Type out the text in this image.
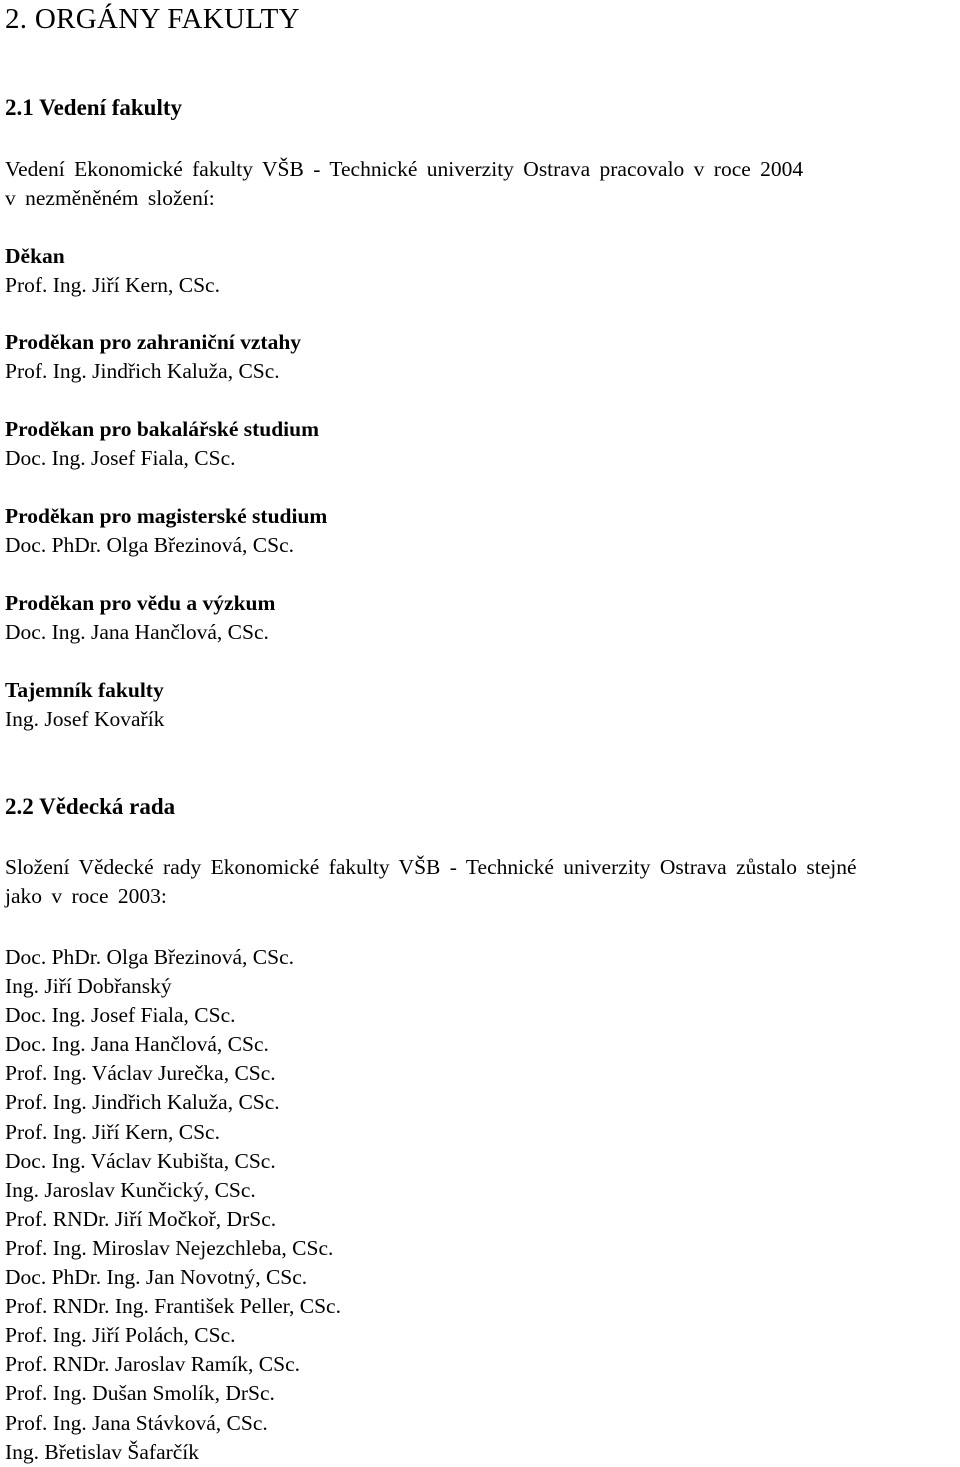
2. ORGÁNY FAKULTY
2.1 Vedení fakulty

Vedení Ekonomické fakulty VŠB - Technické univerzity Ostrava pracovalo v roce 2004

v nezměněném složení:

Děkan
Prof. Ing. Jiří Kern, CSc.
Proděkan pro zahraniční vztahy
Prof. Ing. Jindřich Kaluža, CSc.
Proděkan pro bakalářské studium
Doc. Ing. Josef Fiala, CSc.
Proděkan pro magisterské studium
Doc. PhDr. Olga Březinová, CSc.
Proděkan pro vědu a výzkum
Doc. Ing. Jana Hančlová, CSc.
Tajemník fakulty
Ing. Josef Kovařík
2.2 Vědecká rada

Složení Vědecké rady Ekonomické fakulty VŠB - Technické univerzity Ostrava zůstalo stejné

jako v roce 2003:

Doc. PhDr. Olga Březinová, CSc.
Ing. Jiří Dobřanský
Doc. Ing. Josef Fiala, CSc.
Doc. Ing. Jana Hančlová, CSc.
Prof. Ing. Václav Jurečka, CSc.
Prof. Ing. Jindřich Kaluža, CSc.
Prof. Ing. Jiří Kern, CSc.
Doc. Ing. Václav Kubišta, CSc.
Ing. Jaroslav Kunčický, CSc.
Prof. RNDr. Jiří Močkoř, DrSc.
Prof. Ing. Miroslav Nejezchleba, CSc.
Doc. PhDr. Ing. Jan Novotný, CSc.
Prof. RNDr. Ing. František Peller, CSc.
Prof. Ing. Jiří Polách, CSc.
Prof. RNDr. Jaroslav Ramík, CSc.
Prof. Ing. Dušan Smolík, DrSc.
Prof. Ing. Jana Stávková, CSc.
Ing. Břetislav Šafarčík
